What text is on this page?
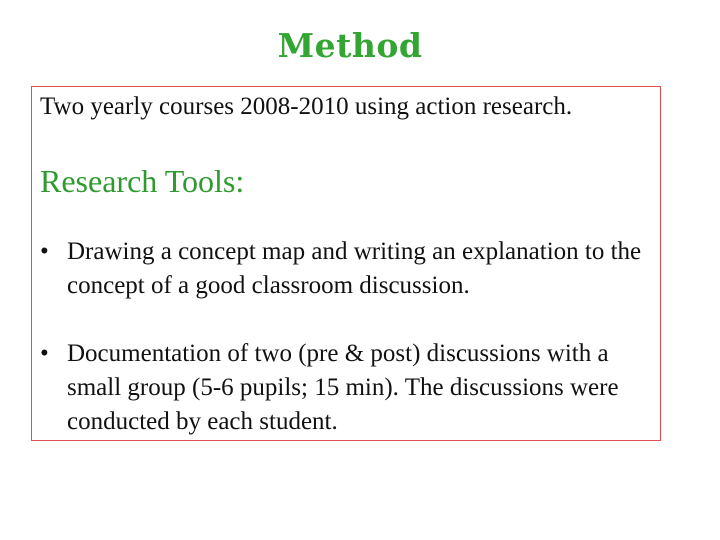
Method

Two yearly courses 2008-2010 using action research.

Research Tools:
• Drawing a concept map and writing an explanation to the concept of a good classroom discussion.
• Documentation of two (pre & post) discussions with a small group (5-6 pupils; 15 min). The discussions were conducted by each student.
